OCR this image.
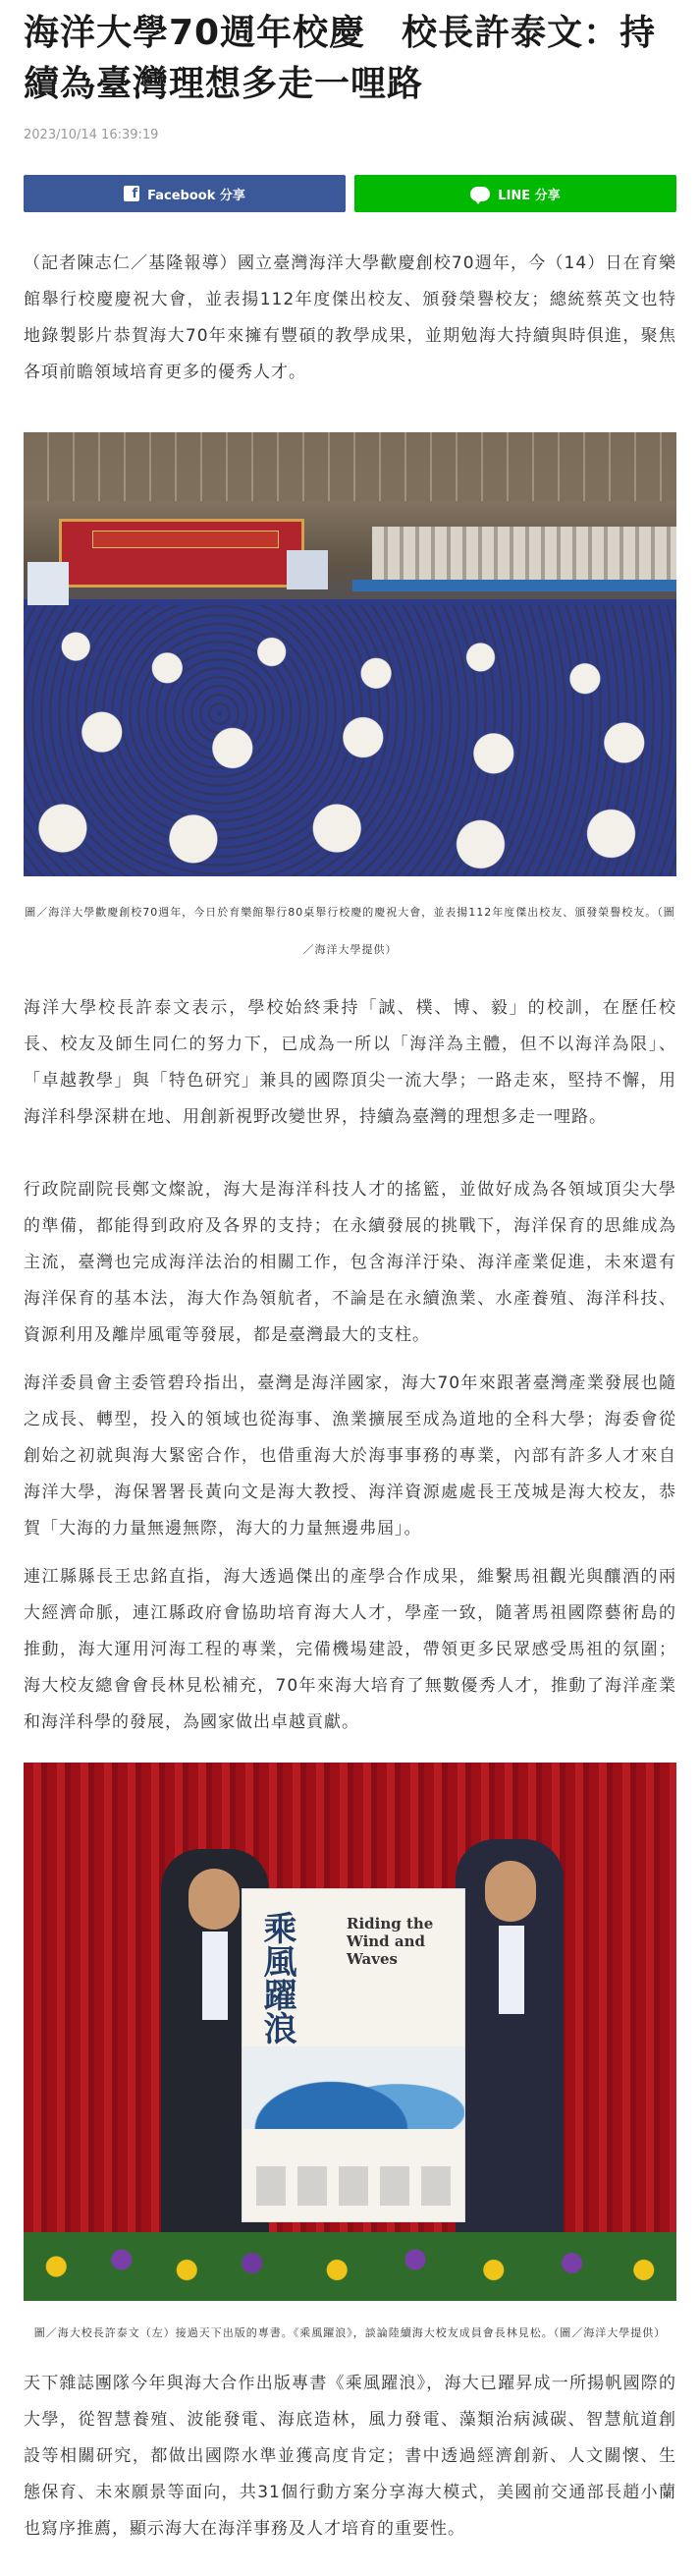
海洋大學70週年校慶　校長許泰文：持續為臺灣理想多走一哩路
2023/10/14 16:39:19
f Facebook 分享	LINE 分享

（記者陳志仁／基隆報導）國立臺灣海洋大學歡慶創校70週年，今（14）日在育樂館舉行校慶慶祝大會，並表揚112年度傑出校友、頒發榮譽校友；總統蔡英文也特地錄製影片恭賀海大70年來擁有豐碩的教學成果，並期勉海大持續與時俱進，聚焦各項前瞻領域培育更多的優秀人才。

圖／海洋大學歡慶創校70週年，今日於育樂館舉行80桌舉行校慶的慶祝大會，並表揚112年度傑出校友、頒發榮譽校友。（圖／海洋大學提供）

海洋大學校長許泰文表示，學校始終秉持「誠、樸、博、毅」的校訓，在歷任校長、校友及師生同仁的努力下，已成為一所以「海洋為主體，但不以海洋為限」、「卓越教學」與「特色研究」兼具的國際頂尖一流大學；一路走來，堅持不懈，用海洋科學深耕在地、用創新視野改變世界，持續為臺灣的理想多走一哩路。

行政院副院長鄭文燦說，海大是海洋科技人才的搖籃，並做好成為各領域頂尖大學的準備，都能得到政府及各界的支持；在永續發展的挑戰下，海洋保育的思維成為主流，臺灣也完成海洋法治的相關工作，包含海洋汙染、海洋產業促進，未來還有海洋保育的基本法，海大作為領航者，不論是在永續漁業、水產養殖、海洋科技、資源利用及離岸風電等發展，都是臺灣最大的支柱。

海洋委員會主委管碧玲指出，臺灣是海洋國家，海大70年來跟著臺灣產業發展也隨之成長、轉型，投入的領域也從海事、漁業擴展至成為道地的全科大學；海委會從創始之初就與海大緊密合作，也借重海大於海事事務的專業，內部有許多人才來自海洋大學，海保署署長黃向文是海大教授、海洋資源處處長王茂城是海大校友，恭賀「大海的力量無邊無際，海大的力量無邊弗屆」。

連江縣縣長王忠銘直指，海大透過傑出的產學合作成果，維繫馬祖觀光與釀酒的兩大經濟命脈，連江縣政府會協助培育海大人才，學產一致，隨著馬祖國際藝術島的推動，海大運用河海工程的專業，完備機場建設，帶領更多民眾感受馬祖的氛圍；海大校友總會會長林見松補充，70年來海大培育了無數優秀人才，推動了海洋產業和海洋科學的發展，為國家做出卓越貢獻。

乘風躍浪	Riding the Wind and Waves

圖／海大校長許泰文（左）接過天下出版的專書。《乘風躍浪》，談論陸續海大校友成員會長林見松。（圖／海洋大學提供）

天下雜誌團隊今年與海大合作出版專書《乘風躍浪》，海大已躍昇成一所揚帆國際的大學，從智慧養殖、波能發電、海底造林，風力發電、藻類治病減碳、智慧航道創設等相關研究，都做出國際水準並獲高度肯定；書中透過經濟創新、人文關懷、生態保育、未來願景等面向，共31個行動方案分享海大模式，美國前交通部長趙小蘭也寫序推薦，顯示海大在海洋事務及人才培育的重要性。
